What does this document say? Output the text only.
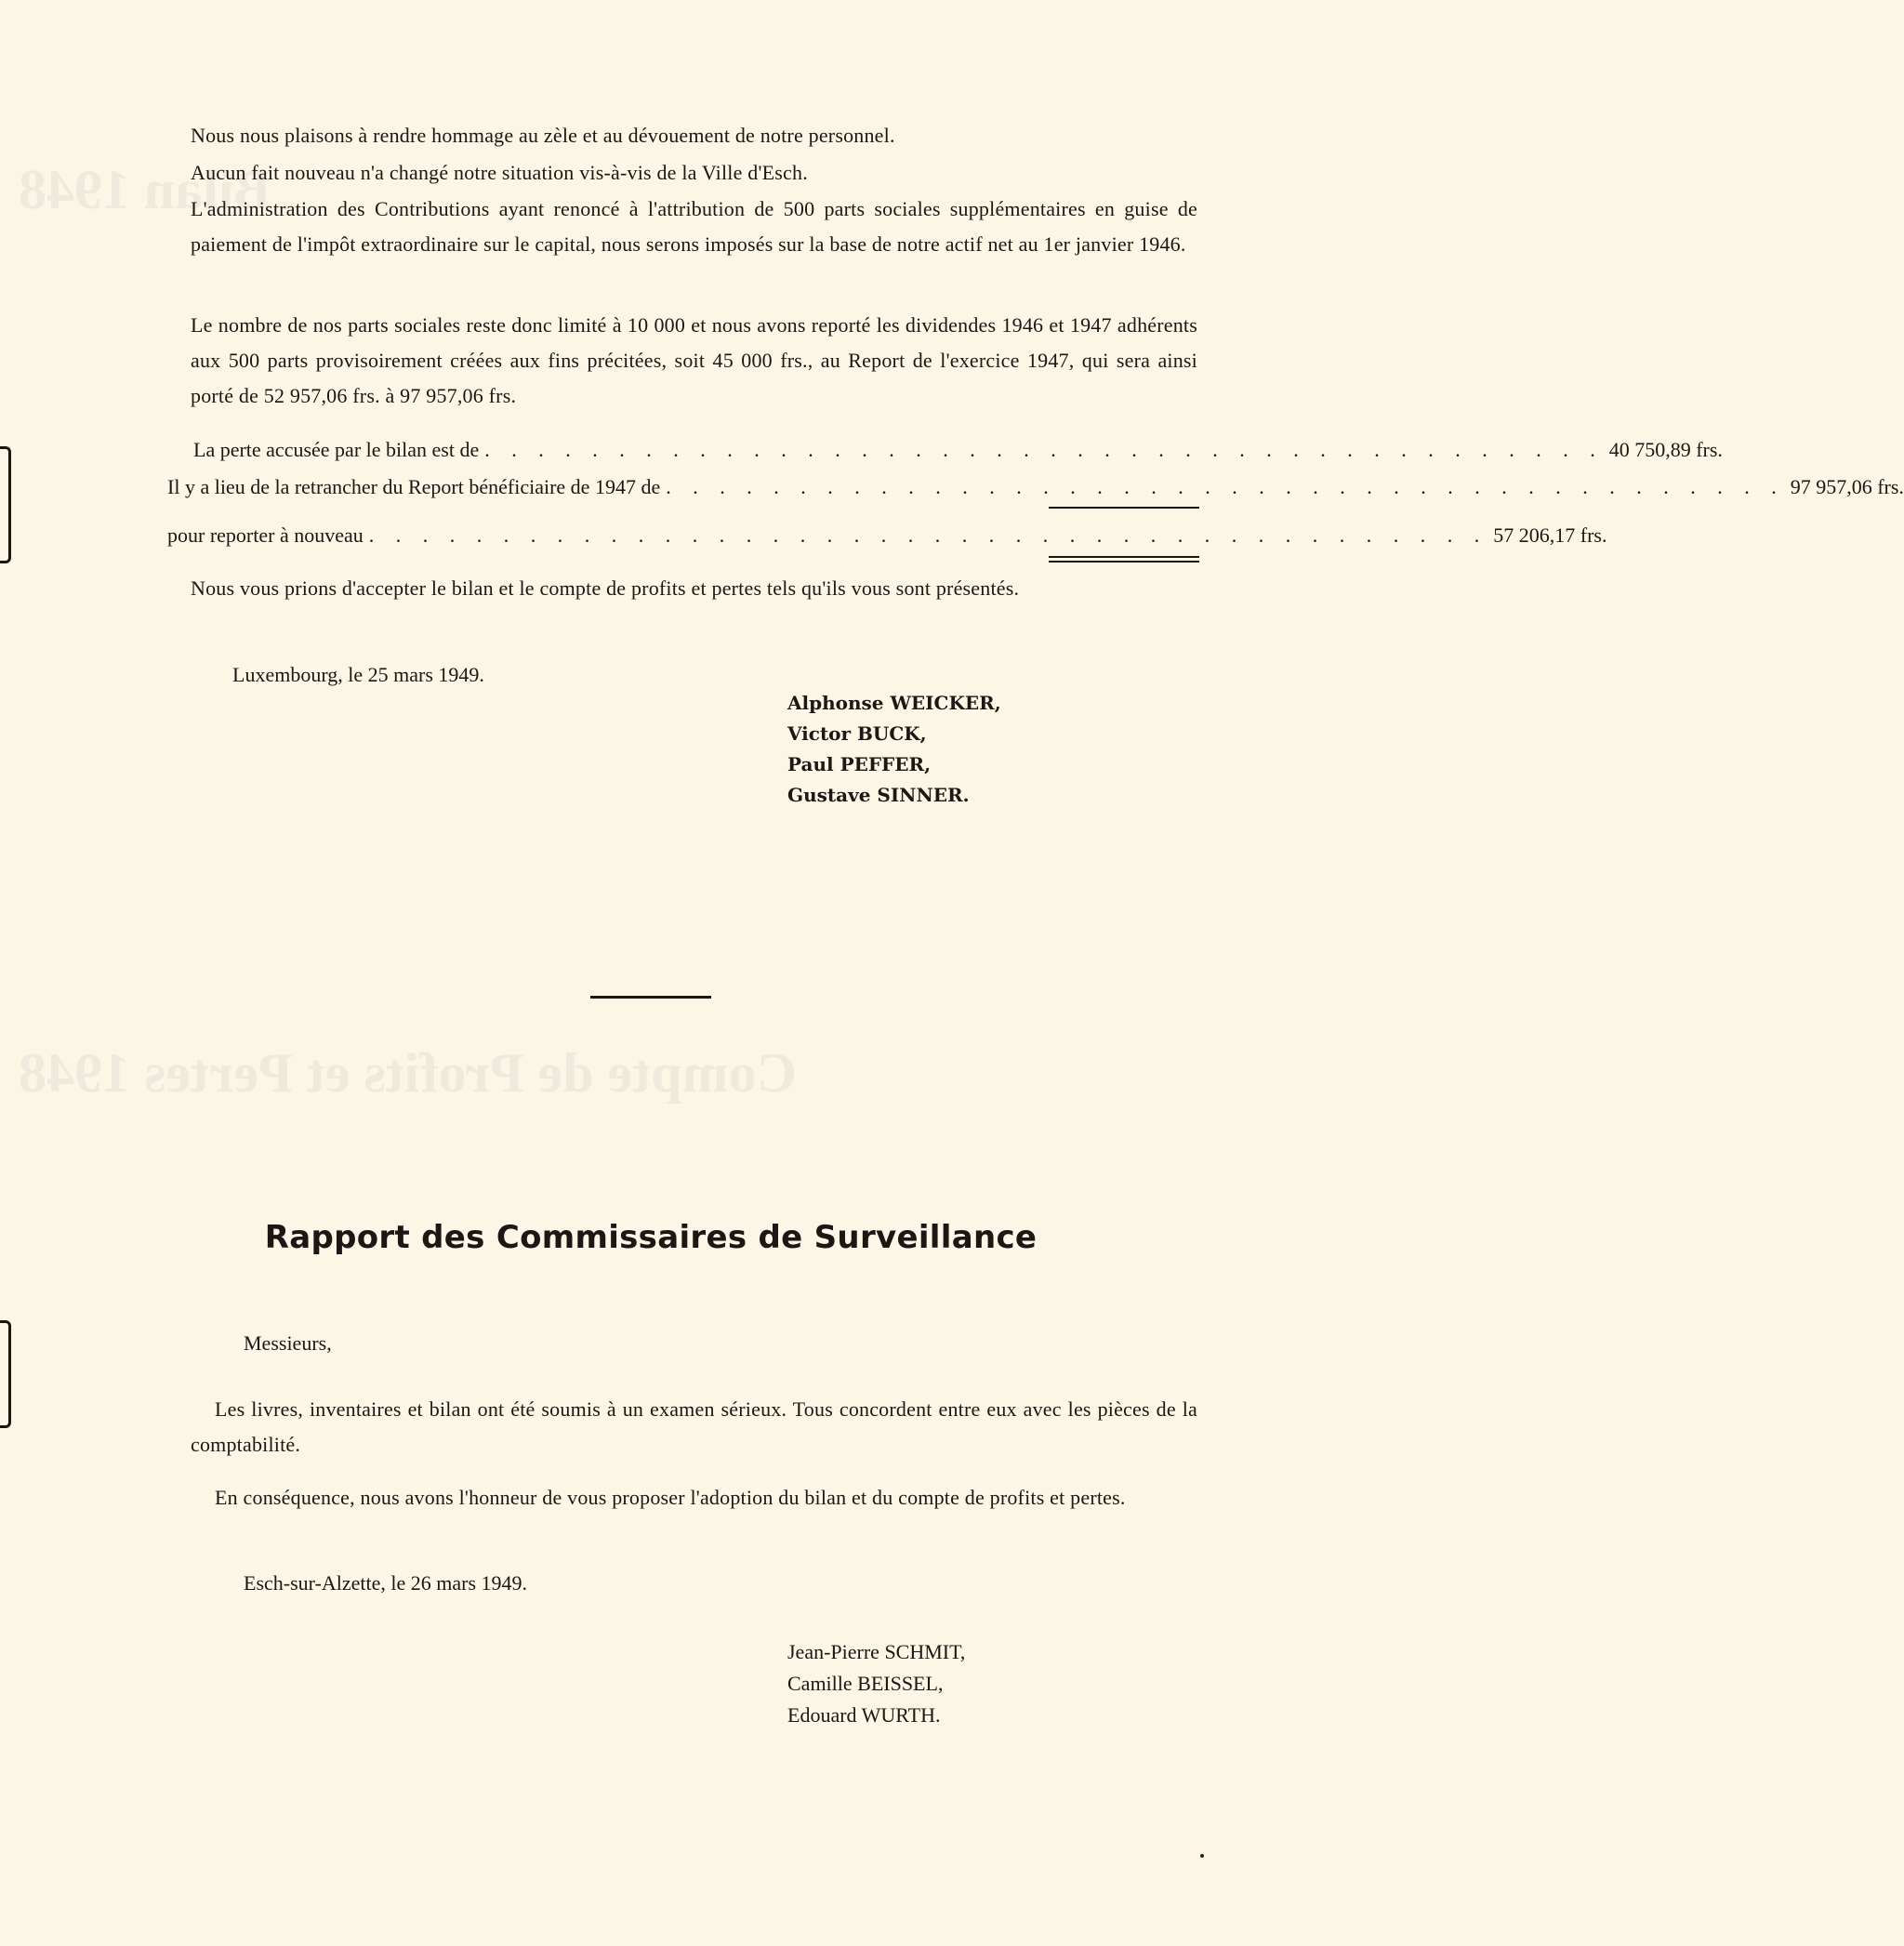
Bilan 1948
Compte de Profits et Pertes 1948
Nous nous plaisons à rendre hommage au zèle et au dévouement de notre personnel.
Aucun fait nouveau n'a changé notre situation vis-à-vis de la Ville d'Esch.
L'administration des Contributions ayant renoncé à l'attribution de 500 parts sociales supplémentaires en guise de paiement de l'impôt extraordinaire sur le capital, nous serons imposés sur la base de notre actif net au 1er janvier 1946.
Le nombre de nos parts sociales reste donc limité à 10 000 et nous avons reporté les dividendes 1946 et 1947 adhérents aux 500 parts provisoirement créées aux fins précitées, soit 45 000 frs., au Report de l'exercice 1947, qui sera ainsi porté de 52 957,06 frs. à 97 957,06 frs.
La perte accusée par le bilan est de . . . . . . . . . . . . . . . . . . . . . . . . . . . . . . . . . . . . . . . . . . 40 750,89 frs.
Il y a lieu de la retrancher du Report bénéficiaire de 1947 de . . . . . . . . . . . . . . . . . . . . . . . . . . . . . . . . . . . . . . . . . . 97 957,06 frs.
pour reporter à nouveau . . . . . . . . . . . . . . . . . . . . . . . . . . . . . . . . . . . . . . . . . . 57 206,17 frs.
Nous vous prions d'accepter le bilan et le compte de profits et pertes tels qu'ils vous sont présentés.
Luxembourg, le 25 mars 1949.
Alphonse WEICKER,
Victor BUCK,
Paul PEFFER,
Gustave SINNER.
Rapport des Commissaires de Surveillance
Messieurs,
Les livres, inventaires et bilan ont été soumis à un examen sérieux. Tous concordent entre eux avec les pièces de la comptabilité.
En conséquence, nous avons l'honneur de vous proposer l'adoption du bilan et du compte de profits et pertes.
Esch-sur-Alzette, le 26 mars 1949.
Jean-Pierre SCHMIT,
Camille BEISSEL,
Edouard WURTH.
